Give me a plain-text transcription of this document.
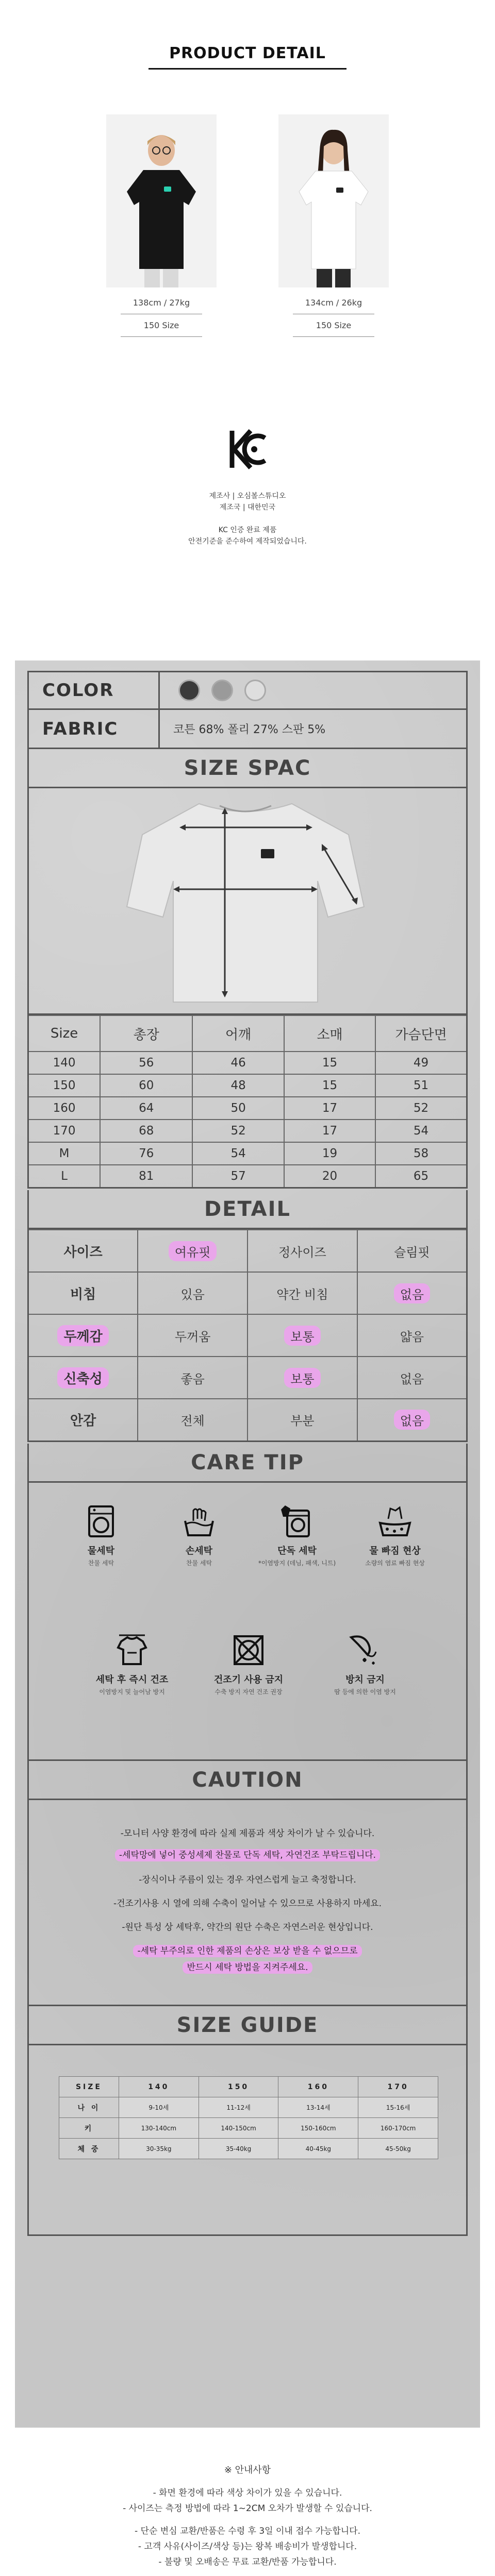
PRODUCT DETAIL
138cm / 27kg
150 Size
134cm / 26kg
150 Size
제조사 | 오심볼스튜디오
제조국 | 대한민국
KC 인증 완료 제품
안전기준을 준수하여 제작되었습니다.
COLOR
FABRIC	코튼 68% 폴리 27% 스판 5%
SIZE SPAC
Size	총장	어깨	소매	가슴단면
140	56	46	15	49
150	60	48	15	51
160	64	50	17	52
170	68	52	17	54
M	76	54	19	58
L	81	57	20	65
DETAIL
사이즈	여유핏	정사이즈	슬림핏
비침	있음	약간 비침	없음
두께감	두꺼움	보통	얇음
신축성	좋음	보통	없음
안감	전체	부분	없음
CARE TIP
물세탁
찬물 세탁
손세탁
찬물 세탁
단독 세탁
*이염방지 (데님, 패색, 니트)
물 빠짐 현상
소량의 염료 빠짐 현상
세탁 후 즉시 건조
이염방지 및 늘어남 방지
건조기 사용 금지
수축 방지 자연 건조 권장
방치 금지
땀 등에 의한 이염 방지
CAUTION
-모니터 사양 환경에 따라 실제 제품과 색상 차이가 날 수 있습니다.
-세탁망에 넣어 중성세제 찬물로 단독 세탁, 자연건조 부탁드립니다.
-장식이나 주름이 있는 경우 자연스럽게 늘고 축정합니다.
-건조기사용 시 열에 의해 수축이 일어날 수 있으므로 사용하지 마세요.
-원단 특성 상 세탁후, 약간의 원단 수축은 자연스러운 현상입니다.
-세탁 부주의로 인한 제품의 손상은 보상 받을 수 없으므로
반드시 세탁 방법을 지켜주세요.
SIZE GUIDE
SIZE	140	150	160	170
나 이	9-10세	11-12세	13-14세	15-16세
키	130-140cm	140-150cm	150-160cm	160-170cm
체 중	30-35kg	35-40kg	40-45kg	45-50kg
※ 안내사항
- 화면 환경에 따라 색상 차이가 있을 수 있습니다.
- 사이즈는 측정 방법에 따라 1~2CM 오차가 발생할 수 있습니다.
- 단순 변심 교환/반품은 수령 후 3일 이내 접수 가능합니다.
- 고객 사유(사이즈/색상 등)는 왕복 배송비가 발생합니다.
- 불량 및 오배송은 무료 교환/반품 가능합니다.
